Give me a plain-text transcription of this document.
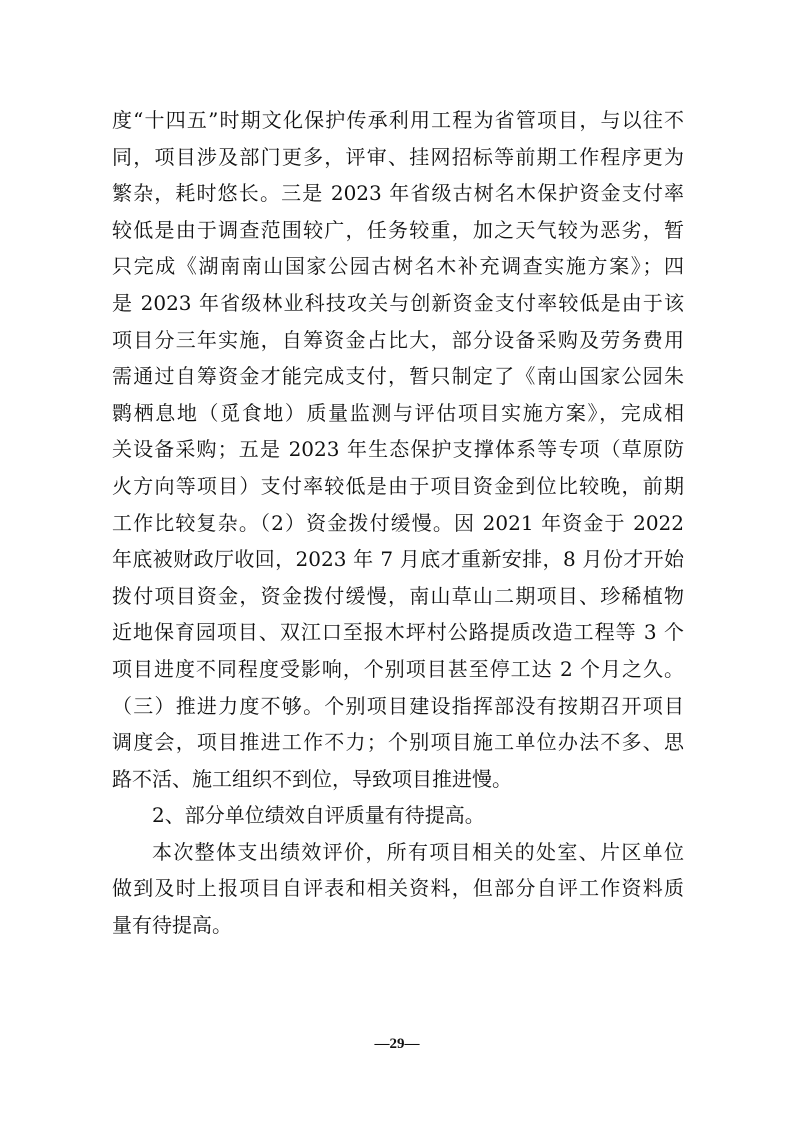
度“十四五”时期文化保护传承利用工程为省管项目，与以往不
同，项目涉及部门更多，评审、挂网招标等前期工作程序更为
繁杂，耗时悠长。三是 2023 年省级古树名木保护资金支付率
较低是由于调查范围较广，任务较重，加之天气较为恶劣，暂
只完成《湖南南山国家公园古树名木补充调查实施方案》；四
是 2023 年省级林业科技攻关与创新资金支付率较低是由于该
项目分三年实施，自筹资金占比大，部分设备采购及劳务费用
需通过自筹资金才能完成支付，暂只制定了《南山国家公园朱
鹮栖息地（觅食地）质量监测与评估项目实施方案》，完成相
关设备采购；五是 2023 年生态保护支撑体系等专项（草原防
火方向等项目）支付率较低是由于项目资金到位比较晚，前期
工作比较复杂。（2）资金拨付缓慢。因 2021 年资金于 2022
年底被财政厅收回，2023 年 7 月底才重新安排，8 月份才开始
拨付项目资金，资金拨付缓慢，南山草山二期项目、珍稀植物
近地保育园项目、双江口至报木坪村公路提质改造工程等 3 个
项目进度不同程度受影响，个别项目甚至停工达 2 个月之久。
（三）推进力度不够。个别项目建设指挥部没有按期召开项目
调度会，项目推进工作不力；个别项目施工单位办法不多、思
路不活、施工组织不到位，导致项目推进慢。
2、部分单位绩效自评质量有待提高。
本次整体支出绩效评价，所有项目相关的处室、片区单位
做到及时上报项目自评表和相关资料，但部分自评工作资料质
量有待提高。
—29—
